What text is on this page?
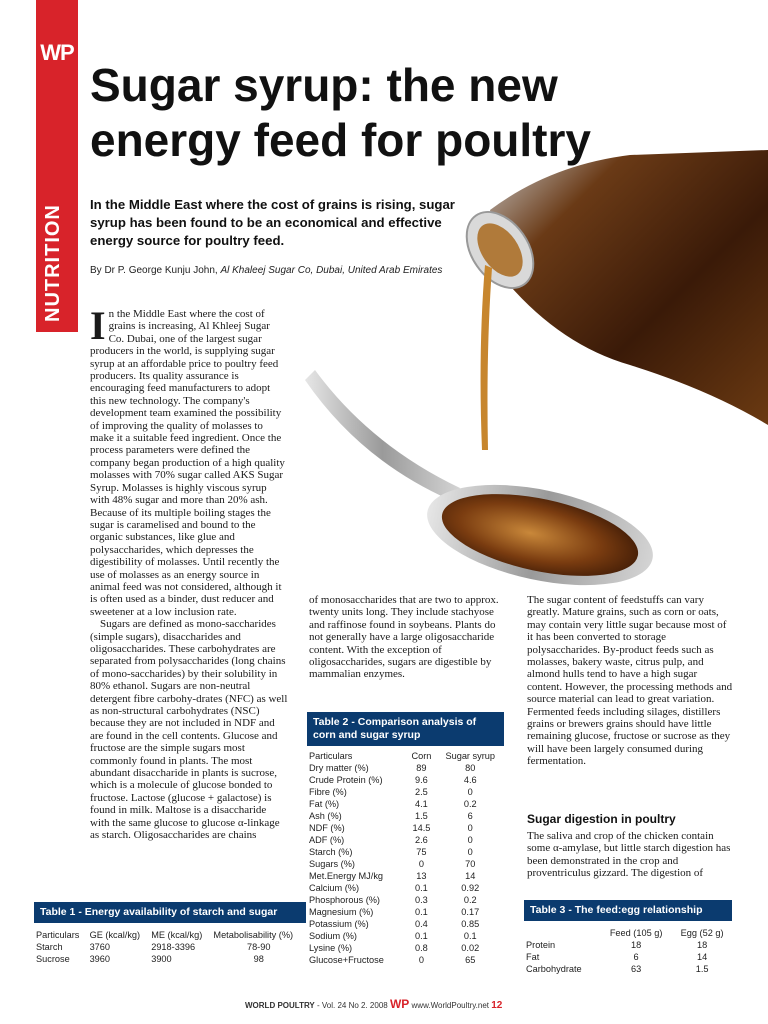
WP
NUTRITION
Sugar syrup: the new energy feed for poultry
In the Middle East where the cost of grains is rising, sugar syrup has been found to be an economical and effective energy source for poultry feed.
By Dr P. George Kunju John, Al Khaleej Sugar Co, Dubai, United Arab Emirates

In the Middle East where the cost of grains is increasing, Al Khleej Sugar Co. Dubai, one of the largest sugar producers in the world, is supplying sugar syrup at an affordable price to poultry feed producers. Its quality assurance is encouraging feed manufacturers to adopt this new technology. The company's development team examined the possibility of improving the quality of molasses to make it a suitable feed ingredient. Once the process parameters were defined the company began production of a high quality molasses with 70% sugar called AKS Sugar Syrup. Molasses is highly viscous syrup with 48% sugar and more than 20% ash. Because of its multiple boiling stages the sugar is caramelised and bound to the organic substances, like glue and polysaccharides, which depresses the digestibility of molasses. Until recently the use of molasses as an energy source in animal feed was not considered, although it is often used as a binder, dust reducer and sweetener at a low inclusion rate.

Sugars are defined as mono-saccharides (simple sugars), disaccharides and oligosaccharides. These carbohydrates are separated from polysaccharides (long chains of mono-saccharides) by their solubility in 80% ethanol. Sugars are non-neutral detergent fibre carbohy-drates (NFC) as well as non-structural carbohydrates (NSC) because they are not included in NDF and are found in the cell contents. Glucose and fructose are the simple sugars most commonly found in plants. The most abundant disaccharide in plants is sucrose, which is a molecule of glucose bonded to fructose. Lactose (glucose + galactose) is found in milk. Maltose is a disaccharide with the same glucose to glucose α-linkage as starch. Oligosaccharides are chains

of monosaccharides that are two to approx. twenty units long. They include stachyose and raffinose found in soybeans. Plants do not generally have a large oligosaccharide content. With the exception of oligosaccharides, sugars are digestible by mammalian enzymes.

The sugar content of feedstuffs can vary greatly. Mature grains, such as corn or oats, may contain very little sugar because most of it has been converted to storage polysaccharides. By-product feeds such as molasses, bakery waste, citrus pulp, and almond hulls tend to have a high sugar content. However, the processing methods and source material can lead to great variation. Fermented feeds including silages, distillers grains or brewers grains should have little remaining glucose, fructose or sucrose as they will have been largely consumed during fermentation.

Sugar digestion in poultry

The saliva and crop of the chicken contain some α-amylase, but little starch digestion has been demonstrated in the crop and proventriculus gizzard. The digestion of

Table 2 - Comparison analysis of corn and sugar syrup
Particulars	Corn	Sugar syrup
Dry matter (%)	89	80
Crude Protein (%)	9.6	4.6
Fibre (%)	2.5	0
Fat (%)	4.1	0.2
Ash (%)	1.5	6
NDF (%)	14.5	0
ADF (%)	2.6	0
Starch (%)	75	0
Sugars (%)	0	70
Met.Energy MJ/kg	13	14
Calcium (%)	0.1	0.92
Phosphorous (%)	0.3	0.2
Magnesium (%)	0.1	0.17
Potassium (%)	0.4	0.85
Sodium (%)	0.1	0.1
Lysine (%)	0.8	0.02
Glucose+Fructose	0	65
Table 1 - Energy availability of starch and sugar
Particulars	GE (kcal/kg)	ME (kcal/kg)	Metabolisability (%)
Starch	3760	2918-3396	78-90
Sucrose	3960	3900	98
Table 3 - The feed:egg relationship
	Feed (105 g)	Egg (52 g)
Protein	18	18
Fat	6	14
Carbohydrate	63	1.5
WORLD POULTRY - Vol. 24 No 2. 2008 WP www.WorldPoultry.net 12
